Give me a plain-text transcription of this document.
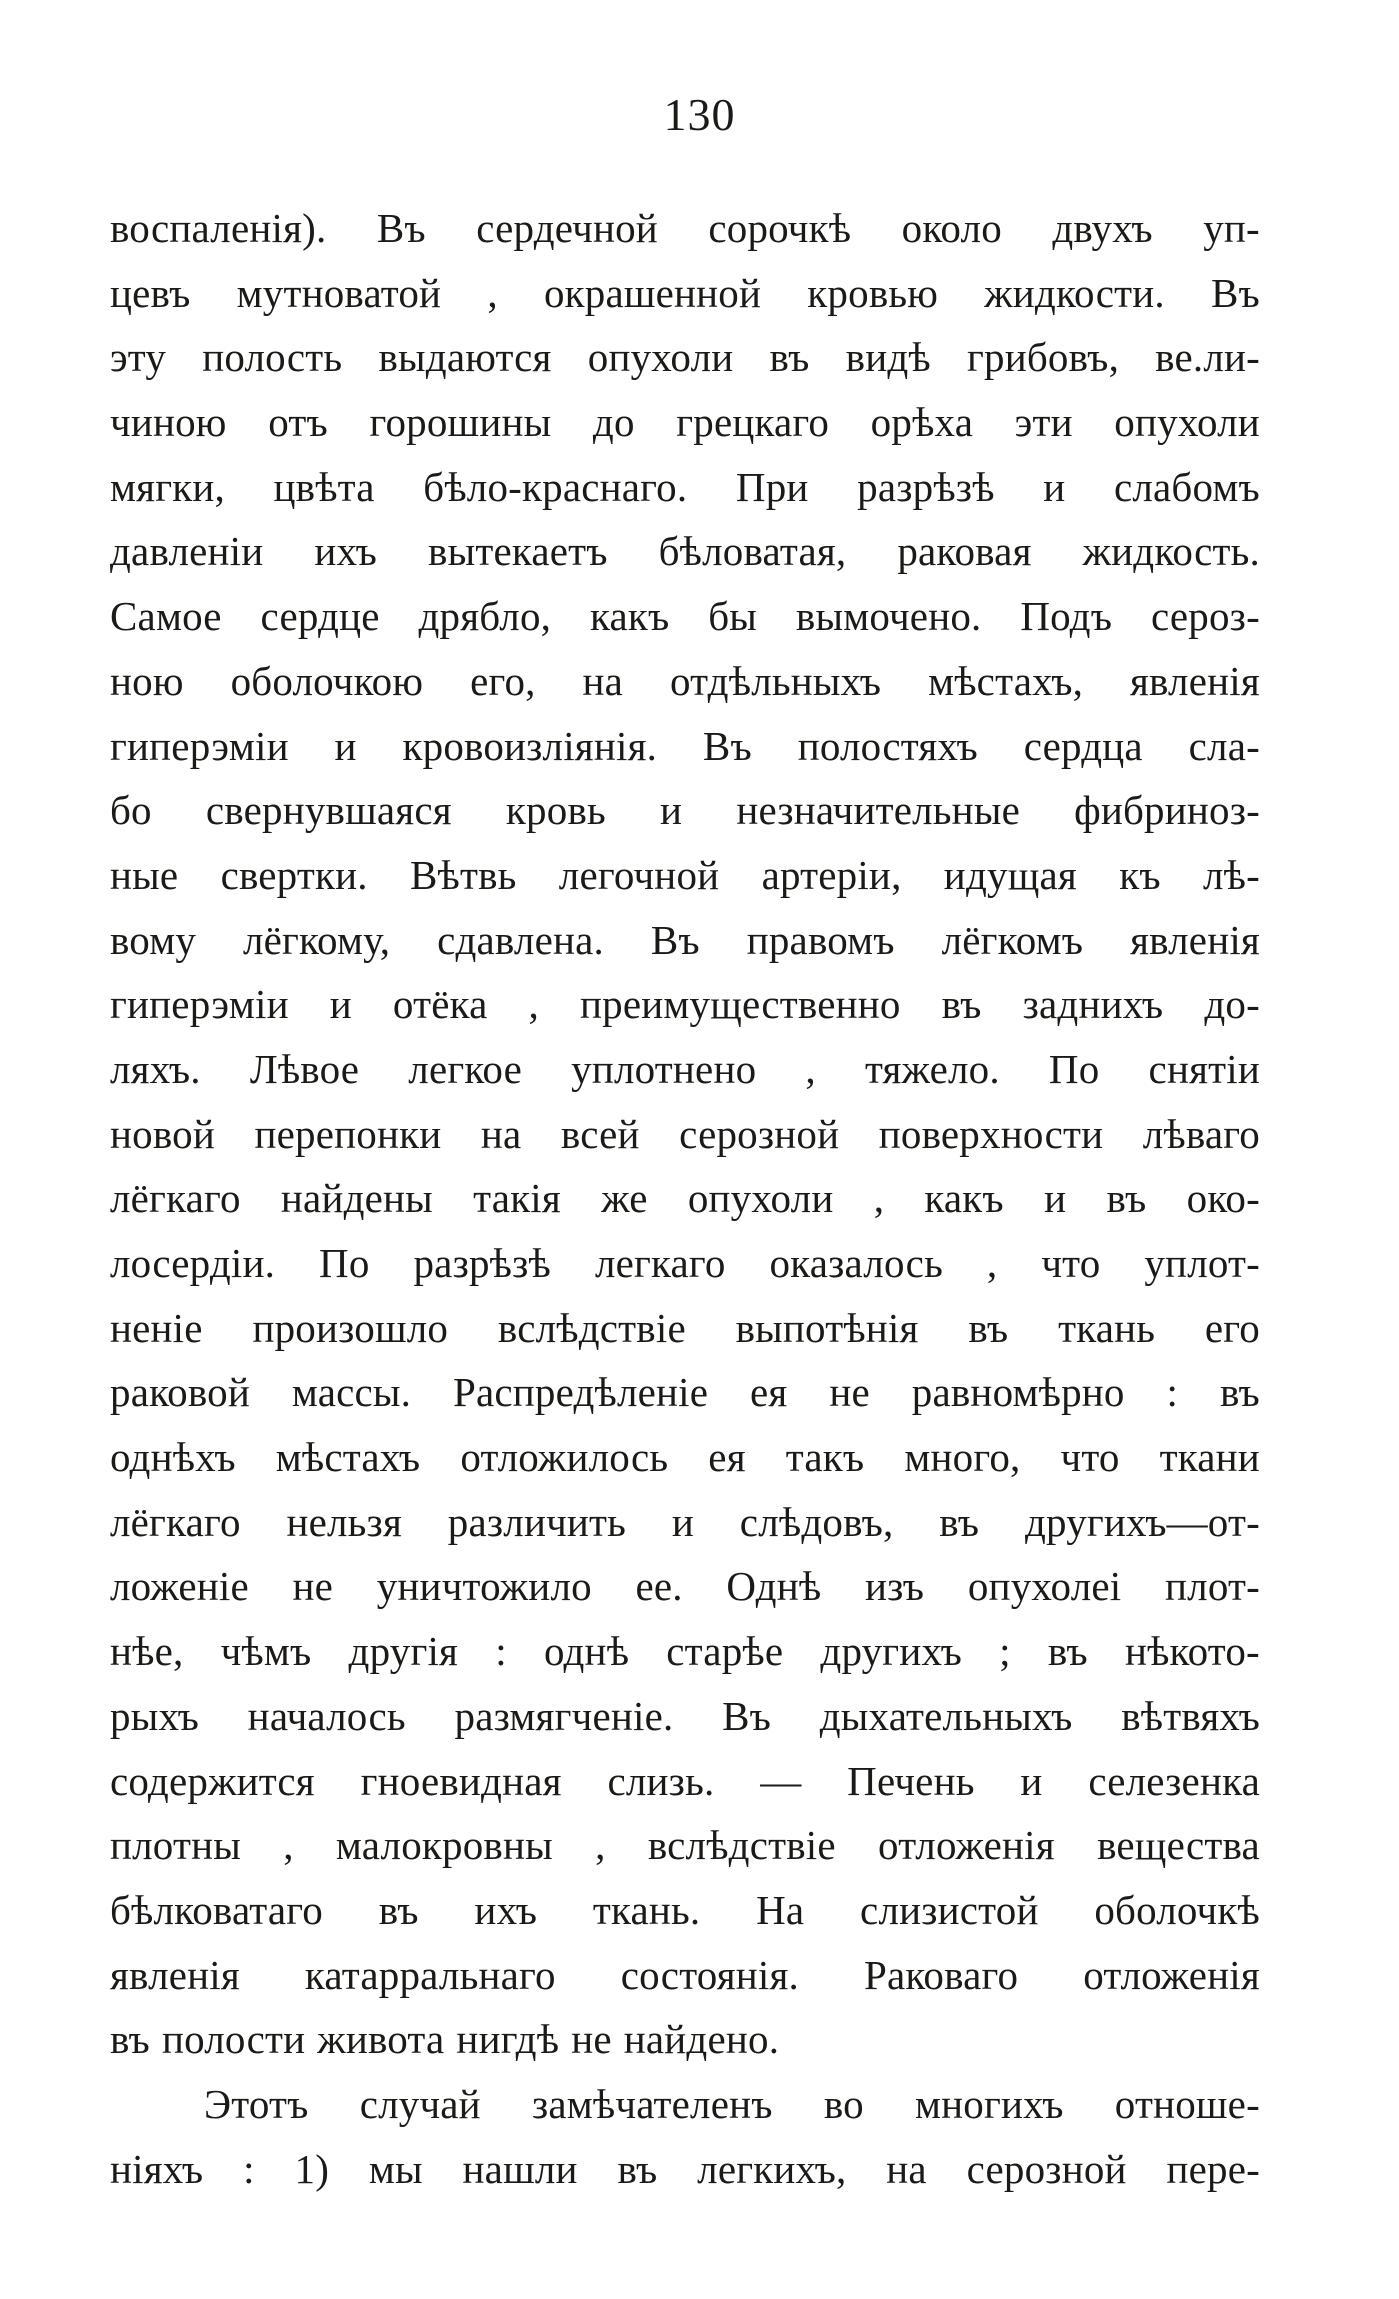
130
воспаленія). Въ сердечной сорочкѣ около двухъ уп-
цевъ мутноватой , окрашенной кровью жидкости. Въ
эту полость выдаются опухоли въ видѣ грибовъ, ве.ли-
чиною отъ горошины до грецкаго орѣха эти опухоли
мягки, цвѣта бѣло-краснаго. При разрѣзѣ и слабомъ
давленіи ихъ вытекаетъ бѣловатая, раковая жидкость.
Самое сердце дрябло, какъ бы вымочено. Подъ сероз-
ною оболочкою его, на отдѣльныхъ мѣстахъ, явленія
гиперэміи и кровоизліянія. Въ полостяхъ сердца сла-
бо свернувшаяся кровь и незначительные фибриноз-
ные свертки. Вѣтвь легочной артеріи, идущая къ лѣ-
вому лёгкому, сдавлена. Въ правомъ лёгкомъ явленія
гиперэміи и отёка , преимущественно въ заднихъ до-
ляхъ. Лѣвое легкое уплотнено , тяжело. По снятіи
новой перепонки на всей серозной поверхности лѣваго
лёгкаго найдены такія же опухоли , какъ и въ око-
лосердіи. По разрѣзѣ легкаго оказалось , что уплот-
неніе произошло вслѣдствіе выпотѣнія въ ткань его
раковой массы. Распредѣленіе ея не равномѣрно : въ
однѣхъ мѣстахъ отложилось ея такъ много, что ткани
лёгкаго нельзя различить и слѣдовъ, въ другихъ—от-
ложеніе не уничтожило ее. Однѣ изъ опухолеі плот-
нѣе, чѣмъ другія : однѣ старѣе другихъ ; въ нѣкото-
рыхъ началось размягченіе. Въ дыхательныхъ вѣтвяхъ
содержится гноевидная слизь. — Печень и селезенка
плотны , малокровны , вслѣдствіе отложенія вещества
бѣлковатаго въ ихъ ткань. На слизистой оболочкѣ
явленія катарральнаго состоянія. Раковаго отложенія
въ полости живота нигдѣ не найдено.
Этотъ случай замѣчателенъ во многихъ отноше-
ніяхъ : 1) мы нашли въ легкихъ, на серозной пере-
